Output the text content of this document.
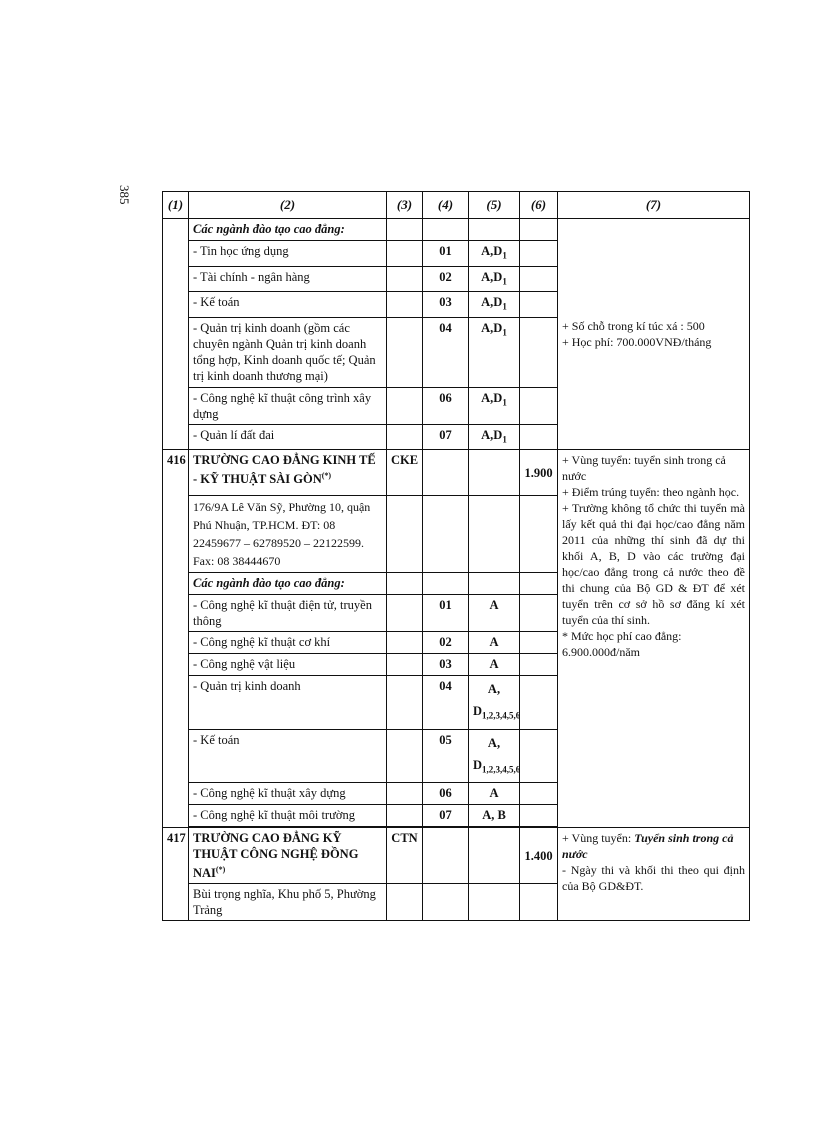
385	(1)	(2)	(3)	(4)	(5)	(6)	(7)
	Các ngành đào tạo cao đẳng:					+ Số chỗ trong kí túc xá : 500
+ Học phí: 700.000VNĐ/tháng

	- Tin học ứng dụng		01	$A,D_1$	
	- Tài chính - ngân hàng		02	$A,D_1$	
	- Kế toán		03	$A,D_1$	
	- Quản trị kinh doanh (gồm các chuyên ngành Quản trị kinh doanh tổng hợp, Kinh doanh quốc tế; Quản trị kinh doanh thương mại)		04	$A,D_1$	
	- Công nghệ kĩ thuật công trình xây dựng		06	$A,D_1$	
	- Quản lí đất đai		07	$A,D_1$	
416	TRƯỜNG CAO ĐẲNG KINH TẾ - KỸ THUẬT SÀI GÒN(*)	CKE			1.900	+ Vùng tuyển: tuyển sinh trong cả nước
+ Điểm trúng tuyển: theo ngành học.
+ Trường không tổ chức thi tuyển mà lấy kết quả thi đại học/cao đẳng năm 2011 của những thí sinh đã dự thi khối A, B, D vào các trường đại học/cao đẳng trong cả nước theo đề thi chung của Bộ GD & ĐT để xét tuyển trên cơ sở hồ sơ đăng kí xét tuyển của thí sinh.
* Mức học phí cao đẳng: 6.900.000đ/năm

	176/9A Lê Văn Sỹ, Phường 10, quận Phú Nhuận, TP.HCM. ĐT: 08 22459677 – 62789520 – 22122599. Fax: 08 38444670					
	Các ngành đào tạo cao đẳng:					
	- Công nghệ kĩ thuật điện tử, truyền thông		01	A		
	- Công nghệ kĩ thuật cơ khí		02	A		
	- Công nghệ vật liệu		03	A		
	- Quản trị kinh doanh		04	A,
$D_{1,2,3,4,5,6}$	
	- Kế toán		05	A,
$D_{1,2,3,4,5,6}$	
	- Công nghệ kĩ thuật xây dựng		06	A		
	- Công nghệ kĩ thuật môi trường		07	A, B		

417	TRƯỜNG CAO ĐẲNG KỸ THUẬT CÔNG NGHỆ ĐỒNG NAI(*)	CTN			1.400	+ Vùng tuyển: Tuyển sinh trong cả nước
- Ngày thi và khối thi theo qui định của Bộ GD&ĐT.

	Bùi trọng nghĩa, Khu phố 5, Phường Trảng					
